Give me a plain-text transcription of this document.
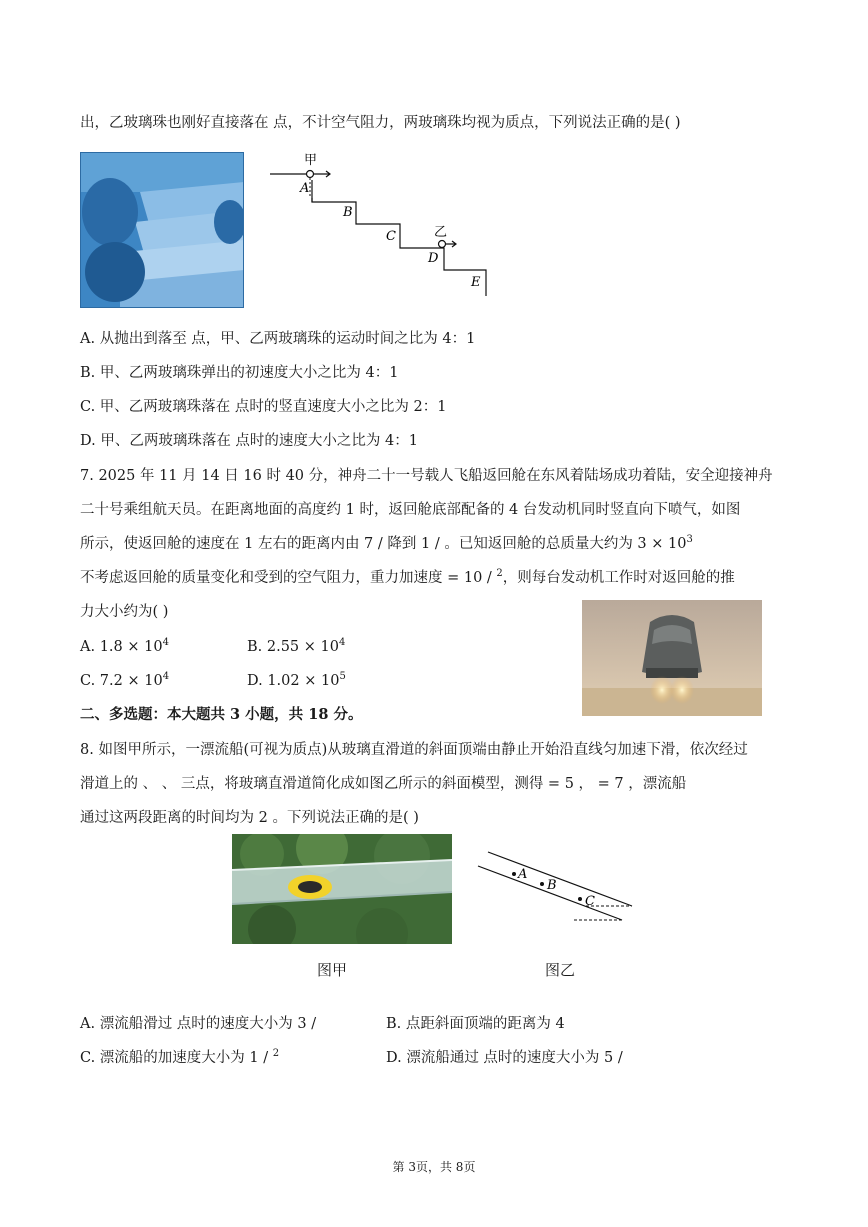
出，乙玻璃珠也刚好直接落在 点，不计空气阻力，两玻璃珠均视为质点，下列说法正确的是( )
甲
A
B
C	乙
D
E
A. 从抛出到落至 点，甲、乙两玻璃珠的运动时间之比为 4：1
B. 甲、乙两玻璃珠弹出的初速度大小之比为 4：1
C. 甲、乙两玻璃珠落在 点时的竖直速度大小之比为 2：1
D. 甲、乙两玻璃珠落在 点时的速度大小之比为 4：1
7. 2025 年 11 月 14 日 16 时 40 分，神舟二十一号载人飞船返回舱在东风着陆场成功着陆，安全迎接神舟
二十号乘组航天员。在距离地面的高度约 1 时，返回舱底部配备的 4 台发动机同时竖直向下喷气，如图
所示，使返回舱的速度在 1 左右的距离内由 7 / 降到 1 / 。已知返回舱的总质量大约为 $3 \times 10^3$
不考虑返回舱的质量变化和受到的空气阻力，重力加速度 = 10 / $^2$，则每台发动机工作时对返回舱的推
力大小约为( )
A. $1.8 \times 10^4$	B. $2.55 \times 10^4$
C. $7.2 \times 10^4$	D. $1.02 \times 10^5$
二、多选题：本大题共 3 小题，共 18 分。
8. 如图甲所示，一漂流船(可视为质点)从玻璃直滑道的斜面顶端由静止开始沿直线匀加速下滑，依次经过
滑道上的 、 、 三点，将玻璃直滑道简化成如图乙所示的斜面模型，测得 = 5 ， = 7 ，漂流船
通过这两段距离的时间均为 2 。下列说法正确的是( )
A
B
C
图甲	图乙
A. 漂流船滑过 点时的速度大小为 3 /	B. 点距斜面顶端的距离为 4
C. 漂流船的加速度大小为 1 / $^2$	D. 漂流船通过 点时的速度大小为 5 /
第 3页，共 8页
